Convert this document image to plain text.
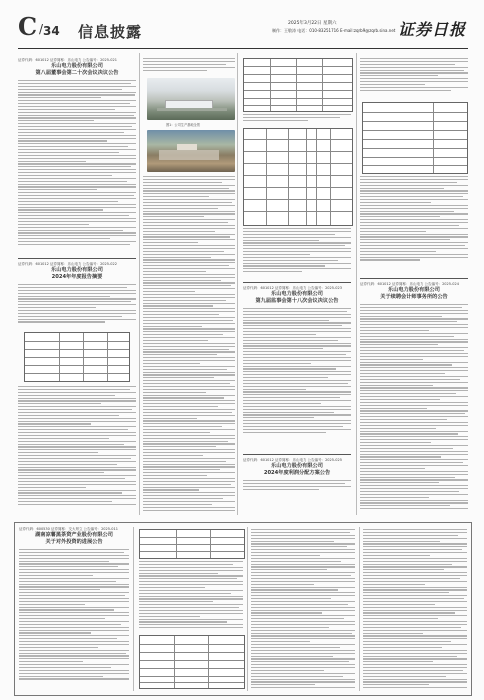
C
/ 34 信息披露	2025年3月22日 星期六
制作：王敬涛 电话：010-83251716 E-mail:zqrb9@zqrb.sina.net 证券日报
证券代码：601012 证券简称：乐山电力 公告编号：2025-021
乐山电力股份有限公司
第八届董事会第二十次会议决议公告
证券代码：601012 证券简称：乐山电力 公告编号：2025-022
乐山电力股份有限公司
2024年年度报告摘要
图1：公司生产基地全景
证券代码：601012 证券简称：乐山电力 公告编号：2025-023
乐山电力股份有限公司
第九届监事会第十八次会议决议公告
证券代码：601012 证券简称：乐山电力 公告编号：2025-025
乐山电力股份有限公司
2024年度利润分配方案公告
证券代码：601012 证券简称：乐山电力 公告编号：2025-024
乐山电力股份有限公司
关于续聘会计师事务所的公告
证券代码：600530 证券简称：交大昂立 公告编号：2025-011
湖南凉薯黑茶资产业股份有限公司
关于对外投资的进展公告
